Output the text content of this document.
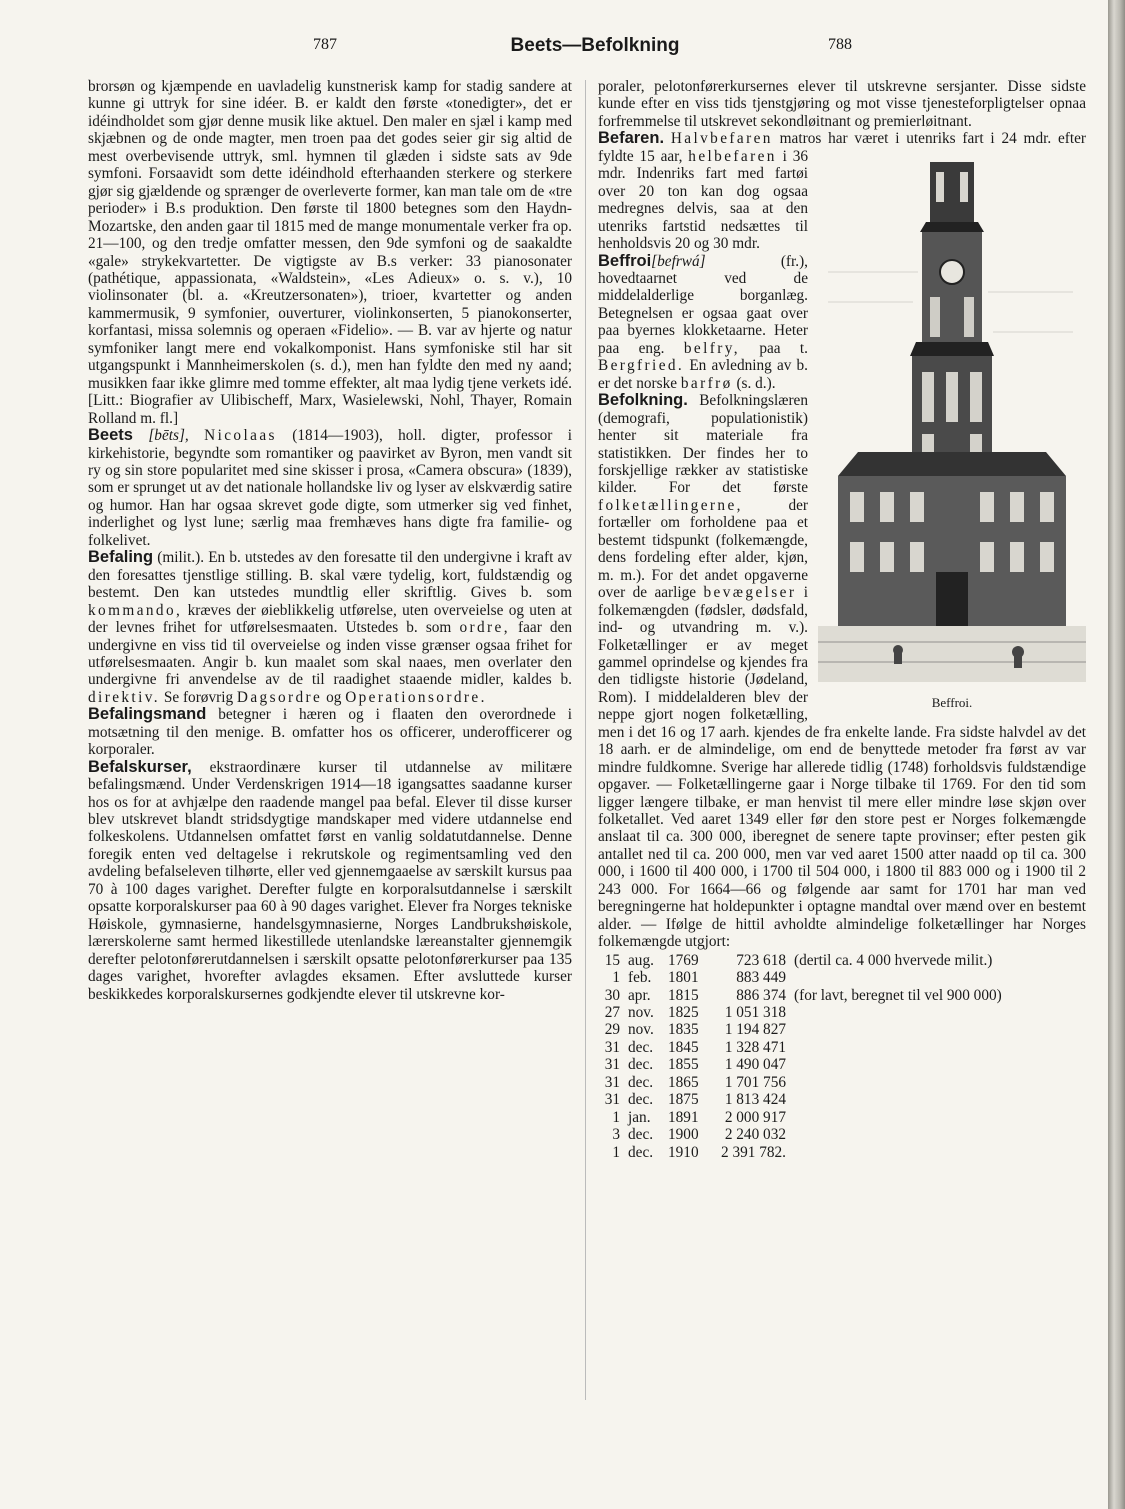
787	Beets—Befolkning	788

brorsøn og kjæmpende en uavladelig kunstnerisk kamp for stadig sandere at kunne gi uttryk for sine idéer. B. er kaldt den første «tonedigter», det er idéindholdet som gjør denne musik like aktuel. Den maler en sjæl i kamp med skjæbnen og de onde magter, men troen paa det godes seier gir sig altid de mest overbevisende uttryk, sml. hymnen til glæden i sidste sats av 9de symfoni. Forsaavidt som dette idéindhold efterhaanden sterkere og sterkere gjør sig gjældende og sprænger de overleverte former, kan man tale om de «tre perioder» i B.s produktion. Den første til 1800 betegnes som den Haydn-Mozartske, den anden gaar til 1815 med de mange monumentale verker fra op. 21—100, og den tredje omfatter messen, den 9de symfoni og de saakaldte «gale» strykekvartetter. De vigtigste av B.s verker: 33 pianosonater (pathétique, appassionata, «Waldstein», «Les Adieux» o. s. v.), 10 violinsonater (bl. a. «Kreutzersonaten»), trioer, kvartetter og anden kammermusik, 9 symfonier, ouverturer, violinkonserten, 5 pianokonserter, korfantasi, missa solemnis og operaen «Fidelio». — B. var av hjerte og natur symfoniker langt mere end vokalkomponist. Hans symfoniske stil har sit utgangspunkt i Mannheimerskolen (s. d.), men han fyldte den med ny aand; musikken faar ikke glimre med tomme effekter, alt maa lydig tjene verkets idé. [Litt.: Biografier av Ulibischeff, Marx, Wasielewski, Nohl, Thayer, Romain Rolland m. fl.]

Beets [bēts], Nicolaas (1814—1903), holl. digter, professor i kirkehistorie, begyndte som romantiker og paavirket av Byron, men vandt sit ry og sin store popularitet med sine skisser i prosa, «Camera obscura» (1839), som er sprunget ut av det nationale hollandske liv og lyser av elskværdig satire og humor. Han har ogsaa skrevet gode digte, som utmerker sig ved finhet, inderlighet og lyst lune; særlig maa fremhæves hans digte fra familie- og folkelivet.

Befaling (milit.). En b. utstedes av den foresatte til den undergivne i kraft av den foresattes tjenstlige stilling. B. skal være tydelig, kort, fuldstændig og bestemt. Den kan utstedes mundtlig eller skriftlig. Gives b. som kommando, kræves der øieblikkelig utførelse, uten overveielse og uten at der levnes frihet for utførelsesmaaten. Utstedes b. som ordre, faar den undergivne en viss tid til overveielse og inden visse grænser ogsaa frihet for utførelsesmaaten. Angir b. kun maalet som skal naaes, men overlater den undergivne fri anvendelse av de til raadighet staaende midler, kaldes b. direktiv. Se forøvrig Dagsordre og Operationsordre.

Befalingsmand betegner i hæren og i flaaten den overordnede i motsætning til den menige. B. omfatter hos os officerer, underofficerer og korporaler.

Befalskurser, ekstraordinære kurser til utdannelse av militære befalingsmænd. Under Verdenskrigen 1914—18 igangsattes saadanne kurser hos os for at avhjælpe den raadende mangel paa befal. Elever til disse kurser blev utskrevet blandt stridsdygtige mandskaper med videre utdannelse end folkeskolens. Utdannelsen omfattet først en vanlig soldatutdannelse. Denne foregik enten ved deltagelse i rekrutskole og regimentsamling ved den avdeling befalseleven tilhørte, eller ved gjennemgaaelse av særskilt kursus paa 70 à 100 dages varighet. Derefter fulgte en korporalsutdannelse i særskilt opsatte korporalskurser paa 60 à 90 dages varighet. Elever fra Norges tekniske Høiskole, gymnasierne, handelsgymnasierne, Norges Landbrukshøiskole, lærerskolerne samt hermed likestillede utenlandske læreanstalter gjennemgik derefter pelotonførerutdannelsen i særskilt opsatte pelotonførerkurser paa 135 dages varighet, hvorefter avlagdes eksamen. Efter avsluttede kurser beskikkedes korporalskursernes godkjendte elever til utskrevne kor-

poraler, pelotonførerkursernes elever til utskrevne sersjanter. Disse sidste kunde efter en viss tids tjenstgjøring og mot visse tjenesteforpligtelser opnaa forfremmelse til utskrevet sekondløitnant og premierløitnant.

Befaren. Halvbefaren matros har været i utenriks fart i 24 mdr. efter fyldte 15 aar, helbefaren
Beffroi.
i 36 mdr. Indenriks fart med fartøi over 20 ton kan dog ogsaa medregnes delvis, saa at den utenriks fartstid nedsættes til henholdsvis 20 og 30 mdr.

Beffroi[befrwá]	(fr.), hovedtaarnet ved de middelalderlige borganlæg. Betegnelsen er ogsaa gaat over paa byernes klokketaarne. Heter paa eng. belfry, paa t. Bergfried. En avledning av b. er det norske barfrø (s. d.).

Befolkning. Befolkningslæren (demografi, populationistik) henter sit materiale fra statistikken. Der findes her to forskjellige rækker av statistiske kilder. For det første folketællingerne,	der fortæller om forholdene paa et bestemt tidspunkt (folkemængde, dens fordeling efter alder, kjøn, m. m.). For det andet opgaverne over de aarlige bevægelser i folkemængden (fødsler, dødsfald, ind- og utvandring m. v.). Folketællinger er av meget gammel oprindelse og kjendes fra den tidligste historie (Jødeland, Rom). I middelalderen blev der neppe gjort nogen folketælling, men i det 16 og 17 aarh. kjendes de fra enkelte lande. Fra sidste halvdel av det 18 aarh. er de almindelige, om end de benyttede metoder fra først av var mindre fuldkomne. Sverige har allerede tidlig (1748) forholdsvis fuldstændige opgaver. — Folketællingerne gaar i Norge tilbake til 1769. For den tid som ligger længere tilbake, er man henvist til mere eller mindre løse skjøn over folketallet. Ved aaret 1349 eller før den store pest er Norges folkemængde anslaat til ca. 300 000, iberegnet de senere tapte provinser; efter pesten gik antallet ned til ca. 200 000, men var ved aaret 1500 atter naadd op til ca. 300 000, i 1600 til 400 000, i 1700 til 504 000, i 1800 til 883 000 og i 1900 til 2 243 000. For 1664—66 og følgende aar samt for 1701 har man ved beregningerne hat holdepunkter i optagne mandtal over mænd over en bestemt alder. — Ifølge de hittil avholdte almindelige folketællinger har Norges folkemængde utgjort:

15	aug.	1769	723 618	(dertil ca. 4 000 hvervede milit.)
1	feb.	1801	883 449	
30	apr.	1815	886 374	(for lavt, beregnet til vel 900 000)
27	nov.	1825	1 051 318	
29	nov.	1835	1 194 827	
31	dec.	1845	1 328 471	
31	dec.	1855	1 490 047	
31	dec.	1865	1 701 756	
31	dec.	1875	1 813 424	
1	jan.	1891	2 000 917	
3	dec.	1900	2 240 032	
1	dec.	1910	2 391 782.	
